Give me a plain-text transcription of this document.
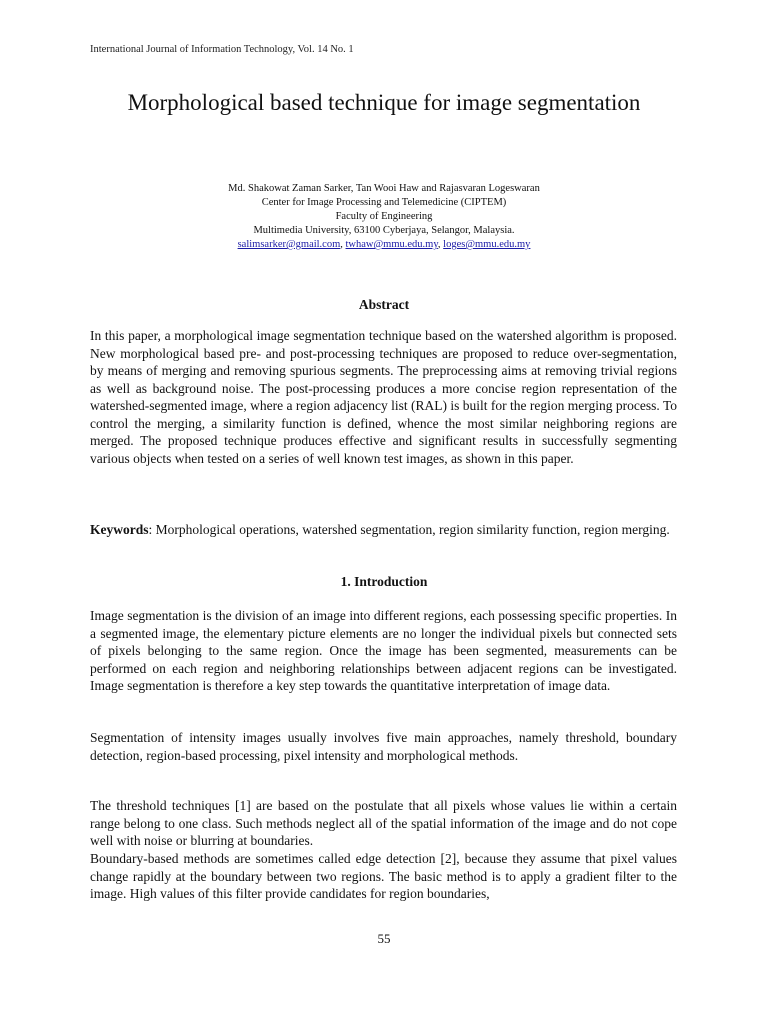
International Journal of Information Technology, Vol. 14 No. 1
Morphological based technique for image segmentation
Md. Shakowat Zaman Sarker, Tan Wooi Haw and Rajasvaran Logeswaran
Center for Image Processing and Telemedicine (CIPTEM)
Faculty of Engineering
Multimedia University, 63100 Cyberjaya, Selangor, Malaysia.
salimsarker@gmail.com, twhaw@mmu.edu.my, loges@mmu.edu.my
Abstract

In this paper, a morphological image segmentation technique based on the watershed algorithm is proposed. New morphological based pre- and post-processing techniques are proposed to reduce over-segmentation, by means of merging and removing spurious segments. The preprocessing aims at removing trivial regions as well as background noise. The post-processing produces a more concise region representation of the watershed-segmented image, where a region adjacency list (RAL) is built for the region merging process. To control the merging, a similarity function is defined, whence the most similar neighboring regions are merged. The proposed technique produces effective and significant results in successfully segmenting various objects when tested on a series of well known test images, as shown in this paper.

Keywords: Morphological operations, watershed segmentation, region similarity function, region merging.

1. Introduction

Image segmentation is the division of an image into different regions, each possessing specific properties. In a segmented image, the elementary picture elements are no longer the individual pixels but connected sets of pixels belonging to the same region. Once the image has been segmented, measurements can be performed on each region and neighboring relationships between adjacent regions can be investigated. Image segmentation is therefore a key step towards the quantitative interpretation of image data.

Segmentation of intensity images usually involves five main approaches, namely threshold, boundary detection, region-based processing, pixel intensity and morphological methods.

The threshold techniques [1] are based on the postulate that all pixels whose values lie within a certain range belong to one class. Such methods neglect all of the spatial information of the image and do not cope well with noise or blurring at boundaries.

Boundary-based methods are sometimes called edge detection [2], because they assume that pixel values change rapidly at the boundary between two regions. The basic method is to apply a gradient filter to the image. High values of this filter provide candidates for region boundaries,

55
